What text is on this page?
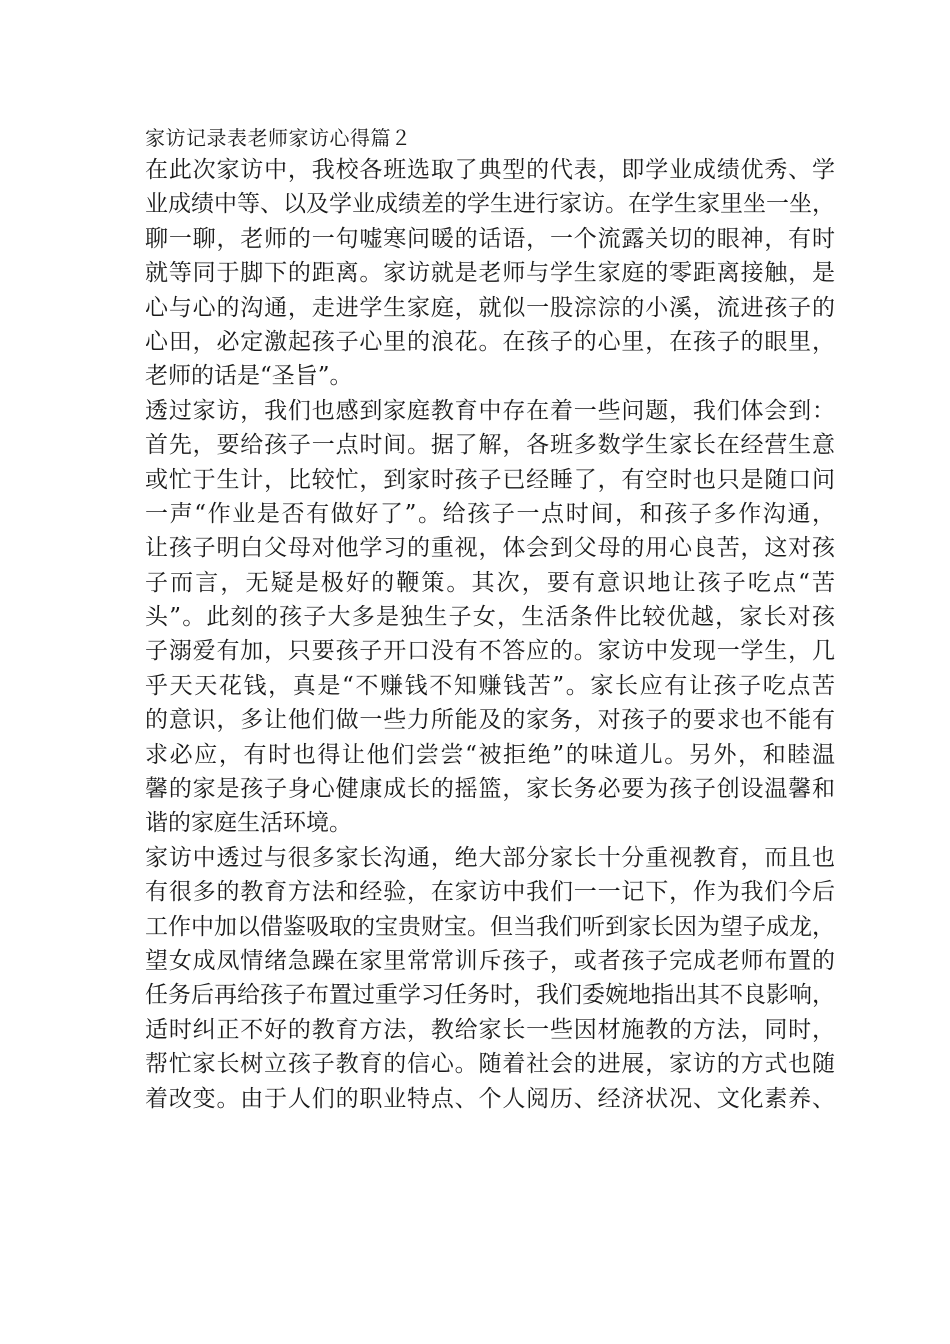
家访记录表老师家访心得篇２
在此次家访中，我校各班选取了典型的代表，即学业成绩优秀、学
业成绩中等、以及学业成绩差的学生进行家访。在学生家里坐一坐，
聊一聊，老师的一句嘘寒问暖的话语，一个流露关切的眼神，有时
就等同于脚下的距离。家访就是老师与学生家庭的零距离接触，是
心与心的沟通，走进学生家庭，就似一股淙淙的小溪，流进孩子的
心田，必定激起孩子心里的浪花。在孩子的心里，在孩子的眼里，
老师的话是“圣旨”。
透过家访，我们也感到家庭教育中存在着一些问题，我们体会到：
首先，要给孩子一点时间。据了解，各班多数学生家长在经营生意
或忙于生计，比较忙，到家时孩子已经睡了，有空时也只是随口问
一声“作业是否有做好了”。给孩子一点时间，和孩子多作沟通，
让孩子明白父母对他学习的重视，体会到父母的用心良苦，这对孩
子而言，无疑是极好的鞭策。其次，要有意识地让孩子吃点“苦
头”。此刻的孩子大多是独生子女，生活条件比较优越，家长对孩
子溺爱有加，只要孩子开口没有不答应的。家访中发现一学生，几
乎天天花钱，真是“不赚钱不知赚钱苦”。家长应有让孩子吃点苦
的意识，多让他们做一些力所能及的家务，对孩子的要求也不能有
求必应，有时也得让他们尝尝“被拒绝”的味道儿。另外，和睦温
馨的家是孩子身心健康成长的摇篮，家长务必要为孩子创设温馨和
谐的家庭生活环境。
家访中透过与很多家长沟通，绝大部分家长十分重视教育，而且也
有很多的教育方法和经验，在家访中我们一一记下，作为我们今后
工作中加以借鉴吸取的宝贵财宝。但当我们听到家长因为望子成龙，
望女成凤情绪急躁在家里常常训斥孩子，或者孩子完成老师布置的
任务后再给孩子布置过重学习任务时，我们委婉地指出其不良影响，
适时纠正不好的教育方法，教给家长一些因材施教的方法，同时，
帮忙家长树立孩子教育的信心。随着社会的进展，家访的方式也随
着改变。由于人们的职业特点、个人阅历、经济状况、文化素养、
